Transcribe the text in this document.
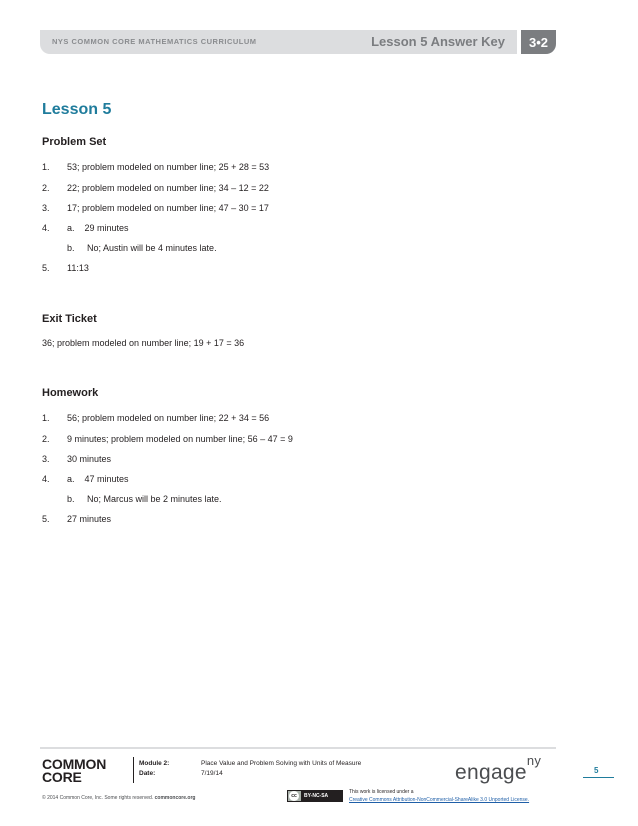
NYS COMMON CORE MATHEMATICS CURRICULUM	Lesson 5 Answer Key	3•2
Lesson 5
Problem Set
1. 53; problem modeled on number line; 25 + 28 = 53
2. 22; problem modeled on number line; 34 – 12 = 22
3. 17; problem modeled on number line; 47 – 30 = 17
4. a.    29 minutes
b. No; Austin will be 4 minutes late.
5. 11:13
Exit Ticket
36; problem modeled on number line; 19 + 17 = 36
Homework
1. 56; problem modeled on number line; 22 + 34 = 56
2. 9 minutes; problem modeled on number line; 56 – 47 = 9
3. 30 minutes
4. a.    47 minutes
b. No; Marcus will be 2 minutes late.
5. 27 minutes
COMMON
CORE
Module 2:	Place Value and Problem Solving with Units of Measure
Date:	7/19/14	engage$^{ny}$
5
© 2014 Common Core, Inc. Some rights reserved. commoncore.org	cc	BY-NC-SA
This work is licensed under a
Creative Commons Attribution-NonCommercial-ShareAlike 3.0 Unported License.
